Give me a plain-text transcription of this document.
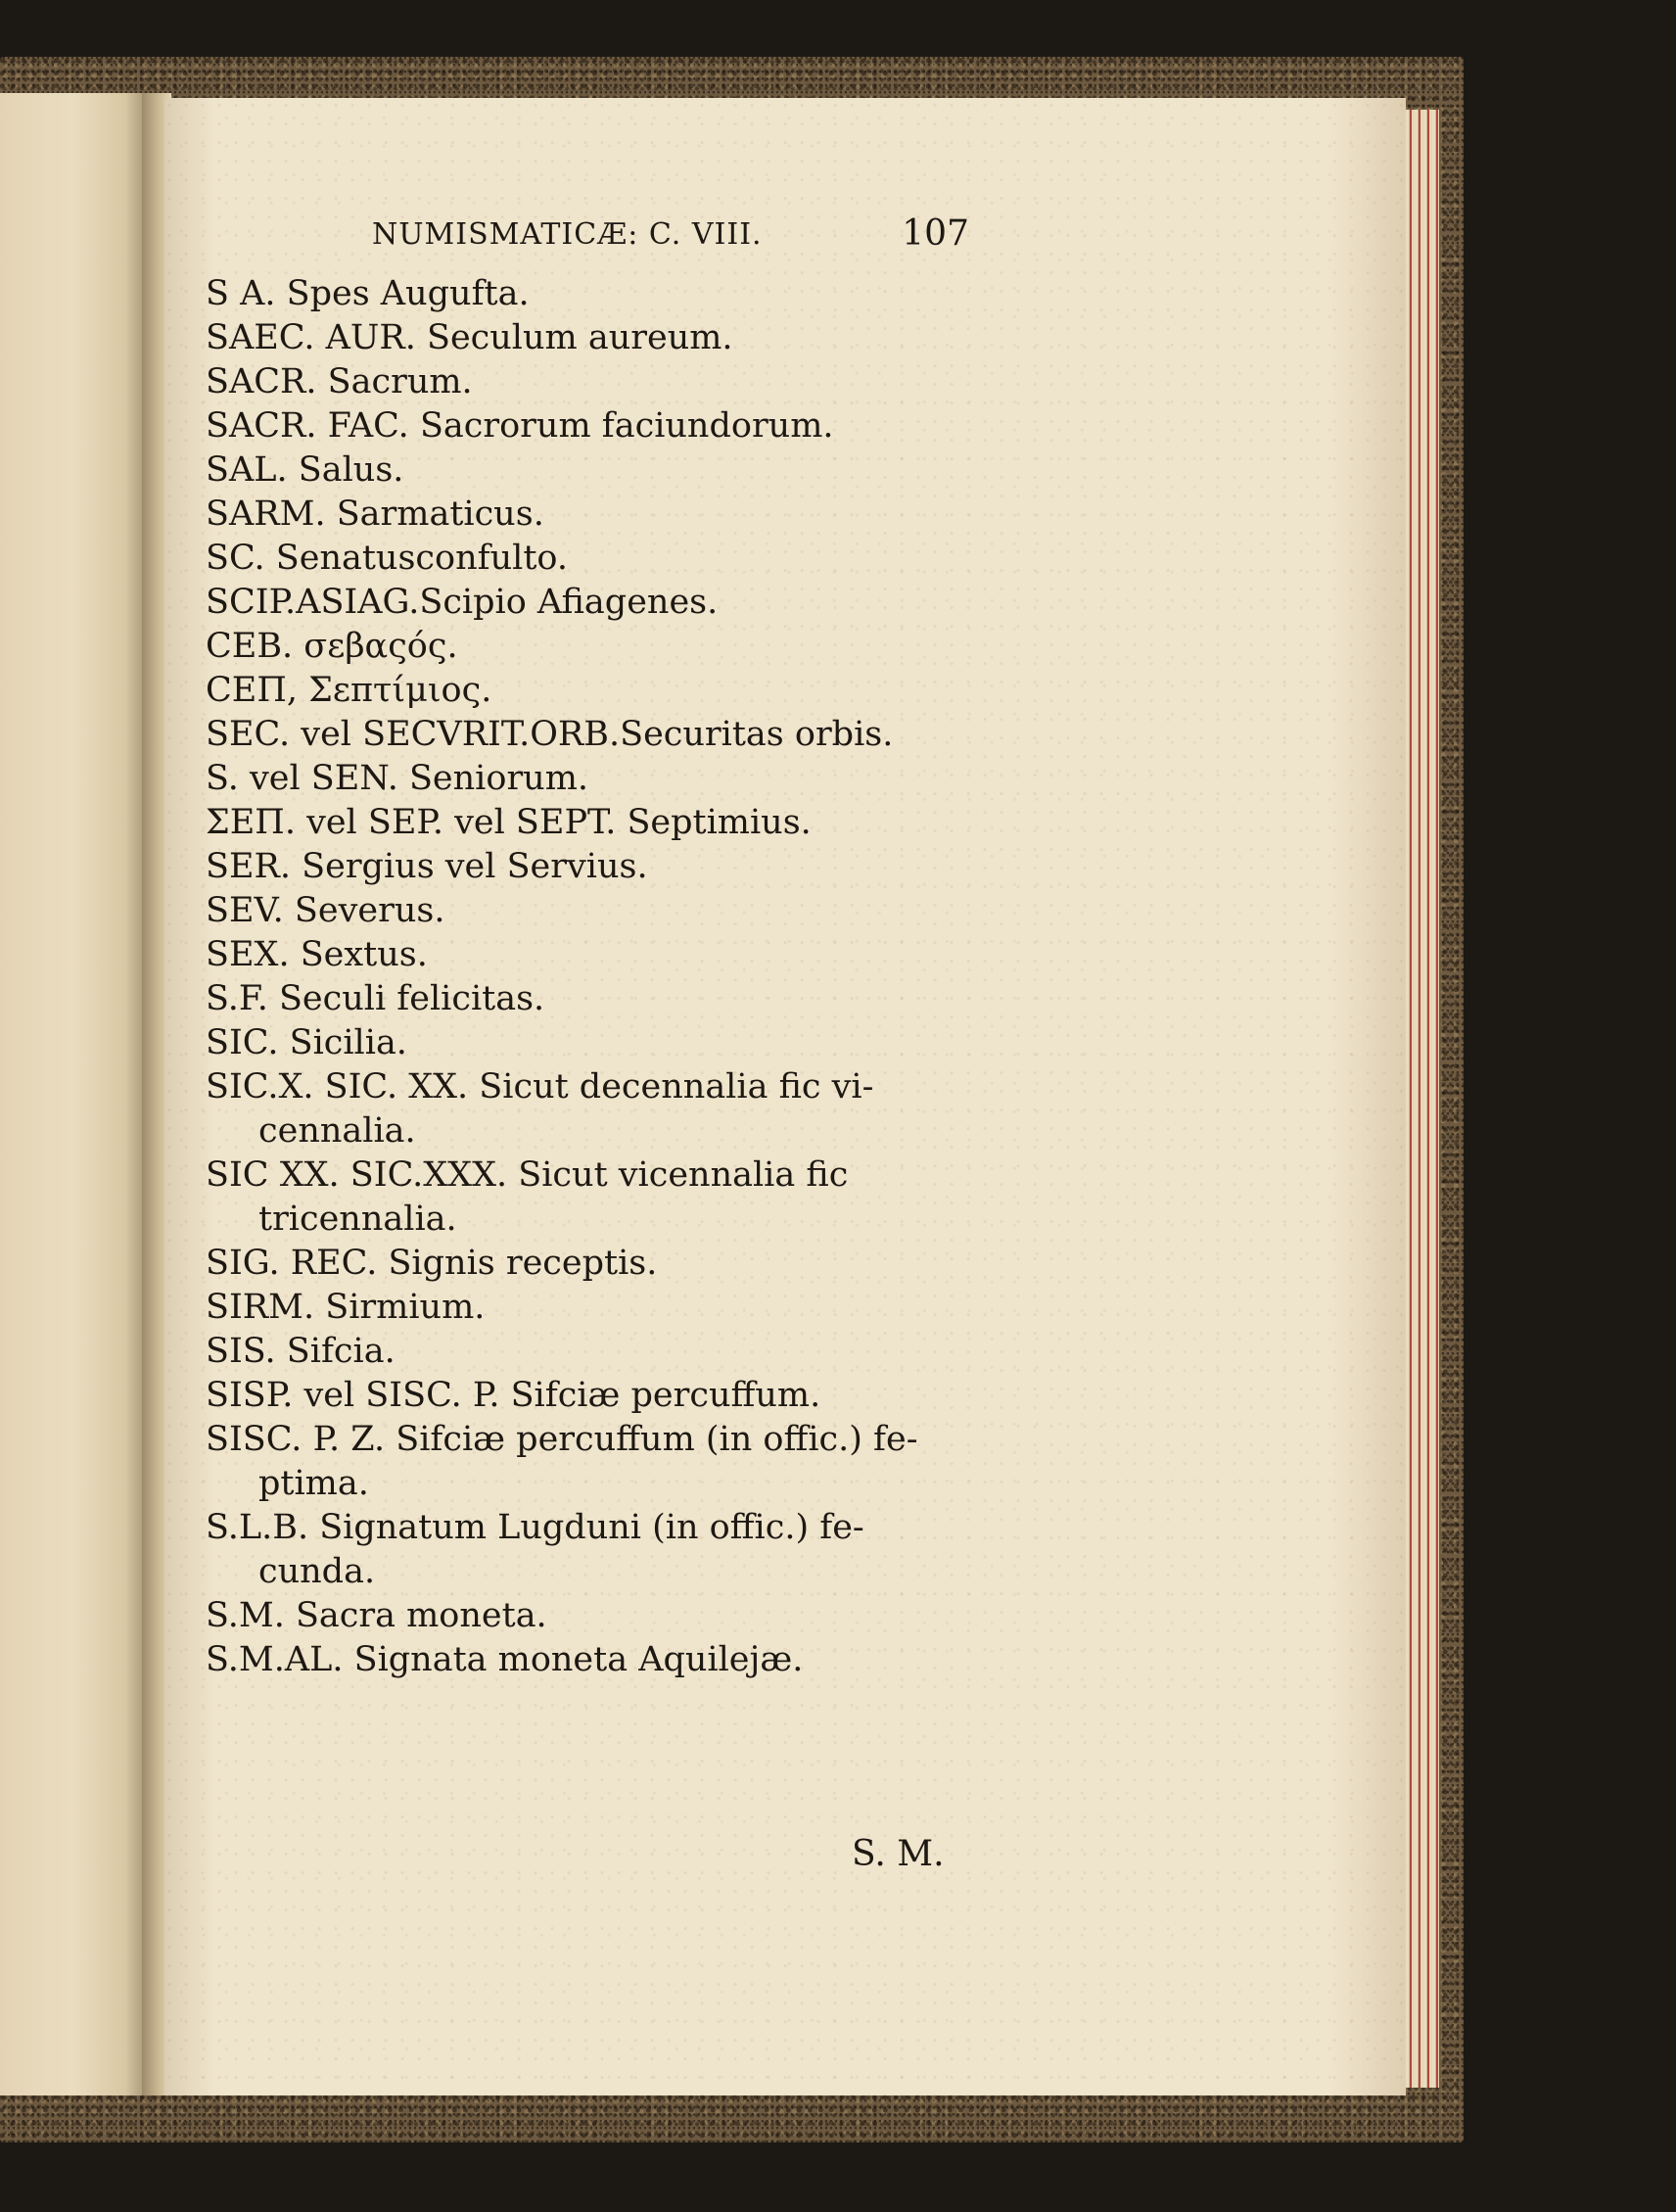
NUMISMATICÆ: C. VIII.	107
S A. Spes Augufta.
SAEC. AUR. Seculum aureum.
SACR. Sacrum.
SACR. FAC. Sacrorum faciundorum.
SAL. Salus.
SARM. Sarmaticus.
SC. Senatusconfulto.
SCIP.ASIAG.Scipio Afiagenes.
CEB. σεβαςός.
CEΠ, Σεπτίμιος.
SEC. vel SECVRIT.ORB.Securitas orbis.
S. vel SEN. Seniorum.
ΣEΠ. vel SEP. vel SEPT. Septimius.
SER. Sergius vel Servius.
SEV. Severus.
SEX. Sextus.
S.F. Seculi felicitas.
SIC. Sicilia.
SIC.X. SIC. XX. Sicut decennalia fic vi-
cennalia.
SIC XX. SIC.XXX. Sicut vicennalia fic
tricennalia.
SIG. REC. Signis receptis.
SIRM. Sirmium.
SIS. Sifcia.
SISP. vel SISC. P. Sifciæ percuffum.
SISC. P. Z. Sifciæ percuffum (in offic.) fe-
ptima.
S.L.B. Signatum Lugduni (in offic.) fe-
cunda.
S.M. Sacra moneta.
S.M.AL. Signata moneta Aquilejæ.
S. M.
